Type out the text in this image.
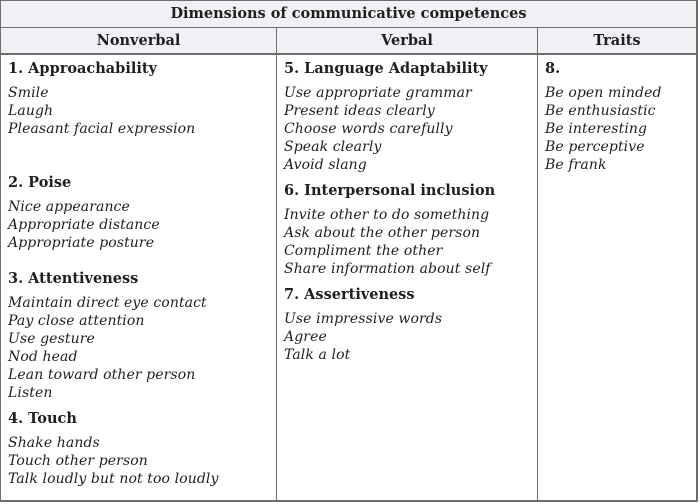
Dimensions of communicative competences
Nonverbal	Verbal	Traits
1. Approachability
Smile
Laugh
Pleasant facial expression
2. Poise
Nice appearance
Appropriate distance
Appropriate posture
3. Attentiveness
Maintain direct eye contact
Pay close attention
Use gesture
Nod head
Lean toward other person
Listen
4. Touch
Shake hands
Touch other person
Talk loudly but not too loudly
5. Language Adaptability
Use appropriate grammar
Present ideas clearly
Choose words carefully
Speak clearly
Avoid slang
6. Interpersonal inclusion
Invite other to do something
Ask about the other person
Compliment the other
Share information about self
7. Assertiveness
Use impressive words
Agree
Talk a lot
8.
Be open minded
Be enthusiastic
Be interesting
Be perceptive
Be frank
